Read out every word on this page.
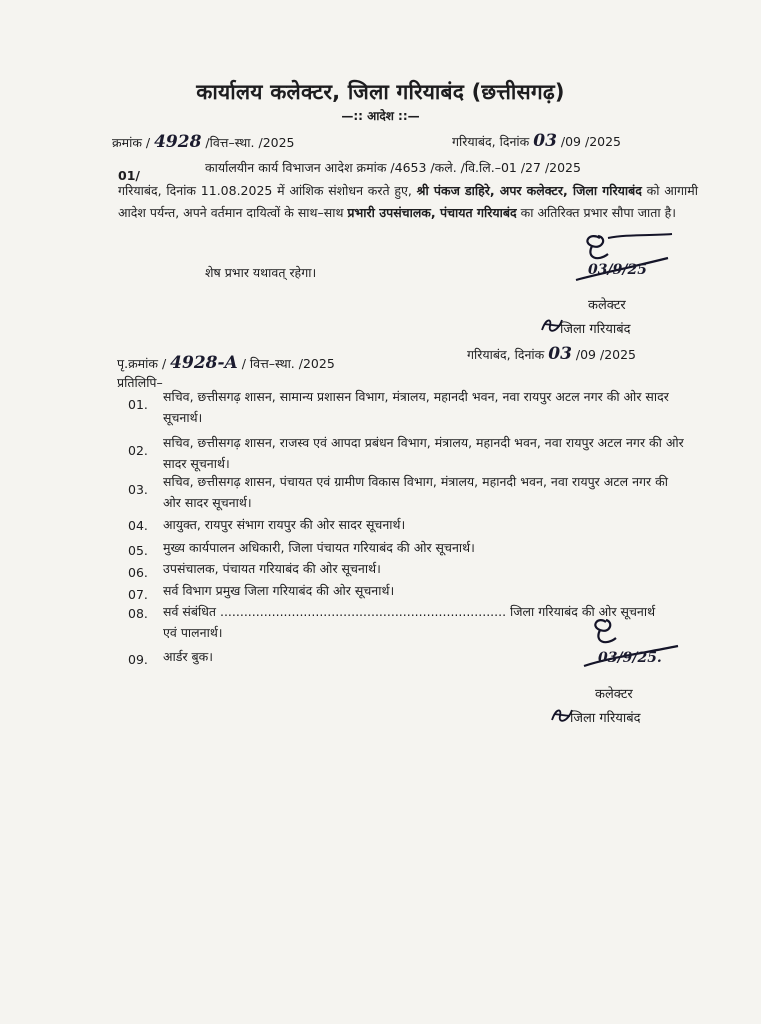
कार्यालय कलेक्टर, जिला गरियाबंद (छत्तीसगढ़)
—:: आदेश ::—
क्रमांक / 4928 /वित्त–स्था. /2025	गरियाबंद, दिनांक 03 /09 /2025
01/
कार्यालयीन कार्य विभाजन आदेश क्रमांक /4653 /कले. /वि.लि.–01 /27 /2025
गरियाबंद, दिनांक 11.08.2025 में आंशिक संशोधन करते हुए, श्री पंकज डाहिरे, अपर कलेक्टर, जिला गरियाबंद को आगामी आदेश पर्यन्त, अपने वर्तमान दायित्वों के साथ–साथ प्रभारी उपसंचालक, पंचायत गरियाबंद का अतिरिक्त प्रभार सौपा जाता है।
शेष प्रभार यथावत् रहेगा।	03/9/25
कलेक्टर
जिला गरियाबंद
पृ.क्रमांक / 4928-A / वित्त–स्था. /2025
गरियाबंद, दिनांक 03 /09 /2025
प्रतिलिपि–
01.
सचिव, छत्तीसगढ़ शासन, सामान्य प्रशासन विभाग, मंत्रालय, महानदी भवन, नवा रायपुर अटल नगर की ओर सादर सूचनार्थ।
02.
सचिव, छत्तीसगढ़ शासन, राजस्व एवं आपदा प्रबंधन विभाग, मंत्रालय, महानदी भवन, नवा रायपुर अटल नगर की ओर सादर सूचनार्थ।
03.
सचिव, छत्तीसगढ़ शासन, पंचायत एवं ग्रामीण विकास विभाग, मंत्रालय, महानदी भवन, नवा रायपुर अटल नगर की ओर सादर सूचनार्थ।
04. आयुक्त, रायपुर संभाग रायपुर की ओर सादर सूचनार्थ।
05. मुख्य कार्यपालन अधिकारी, जिला पंचायत गरियाबंद की ओर सूचनार्थ।
06. उपसंचालक, पंचायत गरियाबंद की ओर सूचनार्थ।
07. सर्व विभाग प्रमुख जिला गरियाबंद की ओर सूचनार्थ।
08. सर्व संबंधित ........................................................................ जिला गरियाबंद की ओर सूचनार्थ एवं पालनार्थ।
09. आर्डर बुक।	03/9/25.
कलेक्टर
जिला गरियाबंद
